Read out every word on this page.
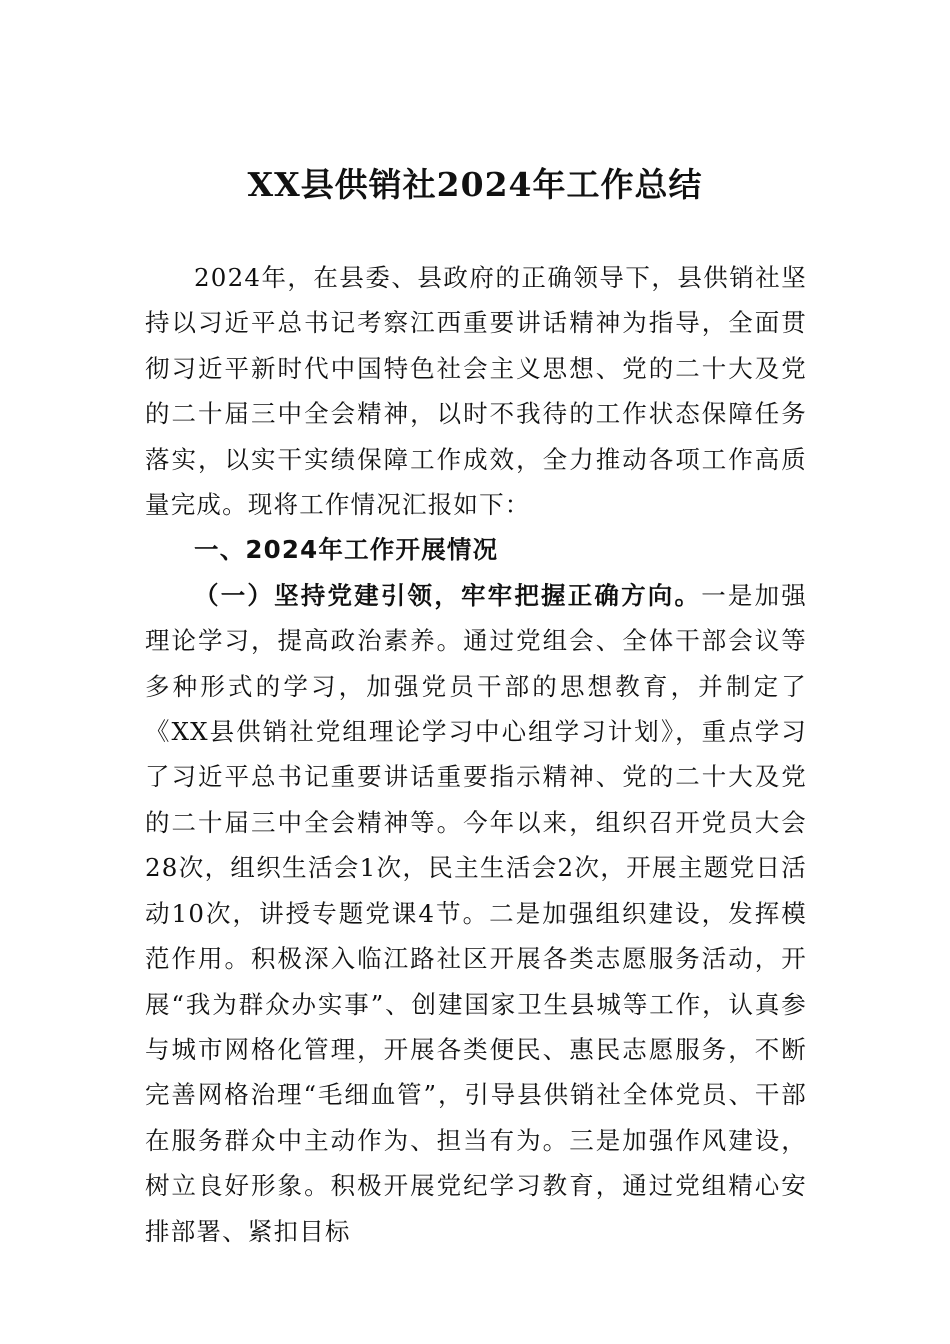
XX县供销社2024年工作总结

2024年，在县委、县政府的正确领导下，县供销社坚持以习近平总书记考察江西重要讲话精神为指导，全面贯彻习近平新时代中国特色社会主义思想、党的二十大及党的二十届三中全会精神，以时不我待的工作状态保障任务落实，以实干实绩保障工作成效，全力推动各项工作高质量完成。现将工作情况汇报如下：

一、2024年工作开展情况

（一）坚持党建引领，牢牢把握正确方向。一是加强理论学习，提高政治素养。通过党组会、全体干部会议等多种形式的学习，加强党员干部的思想教育，并制定了《XX县供销社党组理论学习中心组学习计划》，重点学习了习近平总书记重要讲话重要指示精神、党的二十大及党的二十届三中全会精神等。今年以来，组织召开党员大会28次，组织生活会1次，民主生活会2次，开展主题党日活动10次，讲授专题党课4节。二是加强组织建设，发挥模范作用。积极深入临江路社区开展各类志愿服务活动，开展“我为群众办实事”、创建国家卫生县城等工作，认真参与城市网格化管理，开展各类便民、惠民志愿服务，不断完善网格治理“毛细血管”，引导县供销社全体党员、干部在服务群众中主动作为、担当有为。三是加强作风建设，树立良好形象。积极开展党纪学习教育，通过党组精心安排部署、紧扣目标
